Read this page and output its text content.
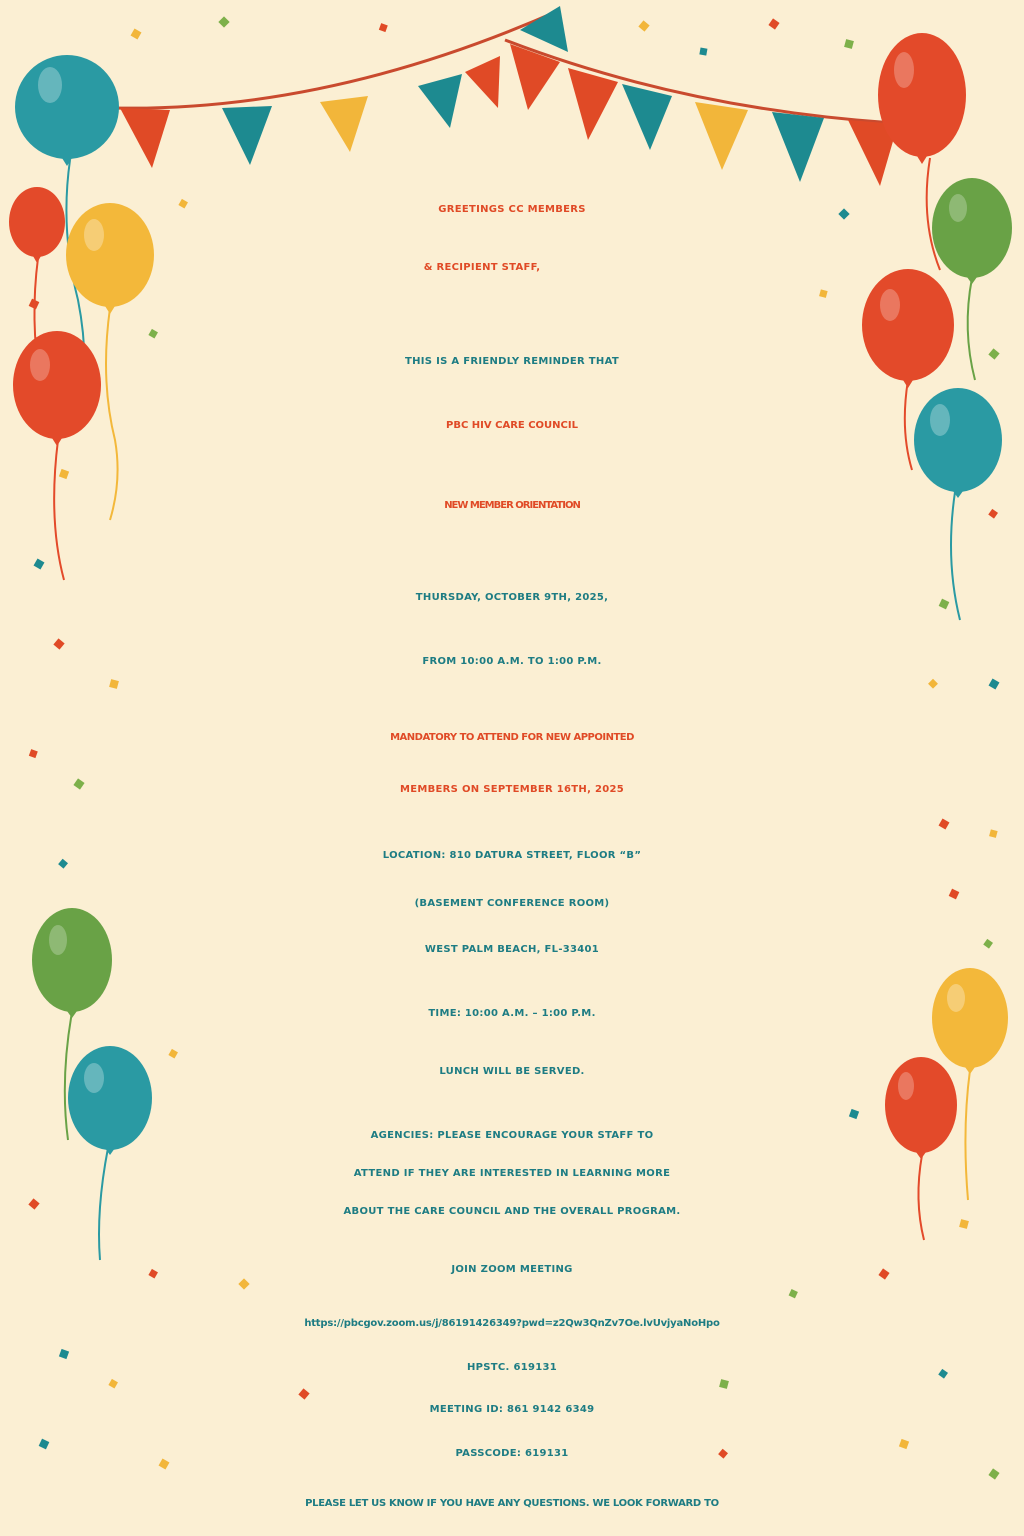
GREETINGS CC MEMBERS

& RECIPIENT STAFF,

THIS IS A FRIENDLY REMINDER THAT

PBC HIV CARE COUNCIL

NEW MEMBER ORIENTATION

THURSDAY, OCTOBER 9TH, 2025,

FROM 10:00 A.M. TO 1:00 P.M.

MANDATORY TO ATTEND FOR NEW APPOINTED

MEMBERS ON SEPTEMBER 16TH, 2025

LOCATION: 810 DATURA STREET, FLOOR “B”

(BASEMENT CONFERENCE ROOM)

WEST PALM BEACH, FL-33401

TIME: 10:00 A.M. – 1:00 P.M.

LUNCH WILL BE SERVED.

AGENCIES: PLEASE ENCOURAGE YOUR STAFF TO

ATTEND IF THEY ARE INTERESTED IN LEARNING MORE

ABOUT THE CARE COUNCIL AND THE OVERALL PROGRAM.

JOIN ZOOM MEETING

https://pbcgov.zoom.us/j/86191426349?pwd=z2Qw3QnZv7Oe.lvUvjyaNoHpo

HPSTC. 619131

MEETING ID: 861 9142 6349

PASSCODE: 619131

PLEASE LET US KNOW IF YOU HAVE ANY QUESTIONS. WE LOOK FORWARD TO
